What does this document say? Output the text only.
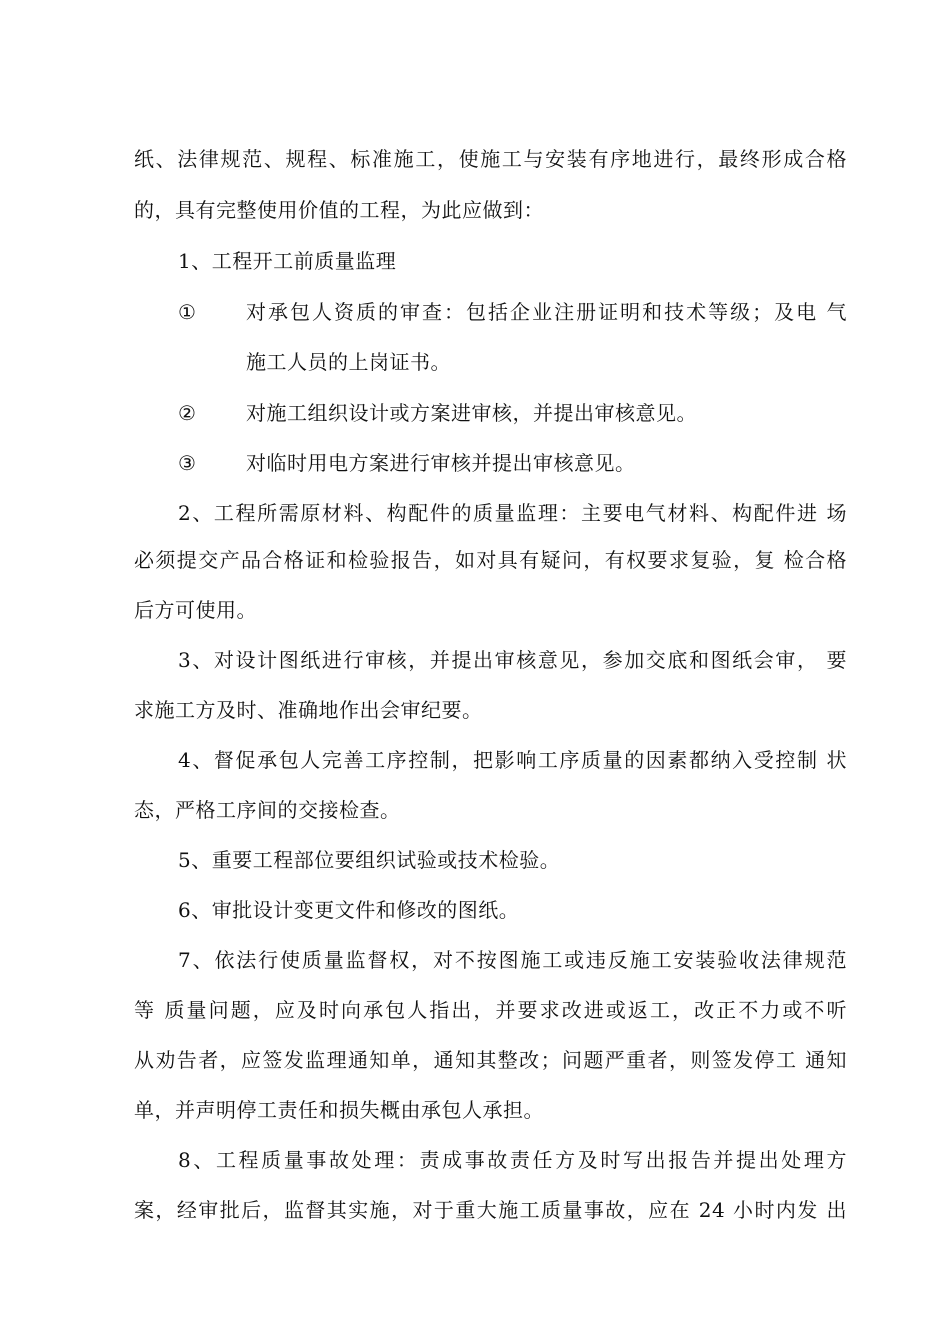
纸、法律规范、规程、标准施工，使施工与安装有序地进行，最终形成合格
的，具有完整使用价值的工程，为此应做到：
1、工程开工前质量监理
① 对承包人资质的审查：包括企业注册证明和技术等级；及电 气
施工人员的上岗证书。
② 对施工组织设计或方案进审核，并提出审核意见。
③ 对临时用电方案进行审核并提出审核意见。
2、工程所需原材料、构配件的质量监理：主要电气材料、构配件进 场
必须提交产品合格证和检验报告，如对具有疑问，有权要求复验，复 检合格
后方可使用。
3、对设计图纸进行审核，并提出审核意见，参加交底和图纸会审， 要
求施工方及时、准确地作出会审纪要。
4、督促承包人完善工序控制，把影响工序质量的因素都纳入受控制 状
态，严格工序间的交接检查。
5、重要工程部位要组织试验或技术检验。
6、审批设计变更文件和修改的图纸。
7、依法行使质量监督权，对不按图施工或违反施工安装验收法律规范
等 质量问题，应及时向承包人指出，并要求改进或返工，改正不力或不听
从劝告者，应签发监理通知单，通知其整改；问题严重者，则签发停工 通知
单，并声明停工责任和损失概由承包人承担。
8、工程质量事故处理：责成事故责任方及时写出报告并提出处理方
案，经审批后，监督其实施，对于重大施工质量事故，应在 24 小时内发 出
